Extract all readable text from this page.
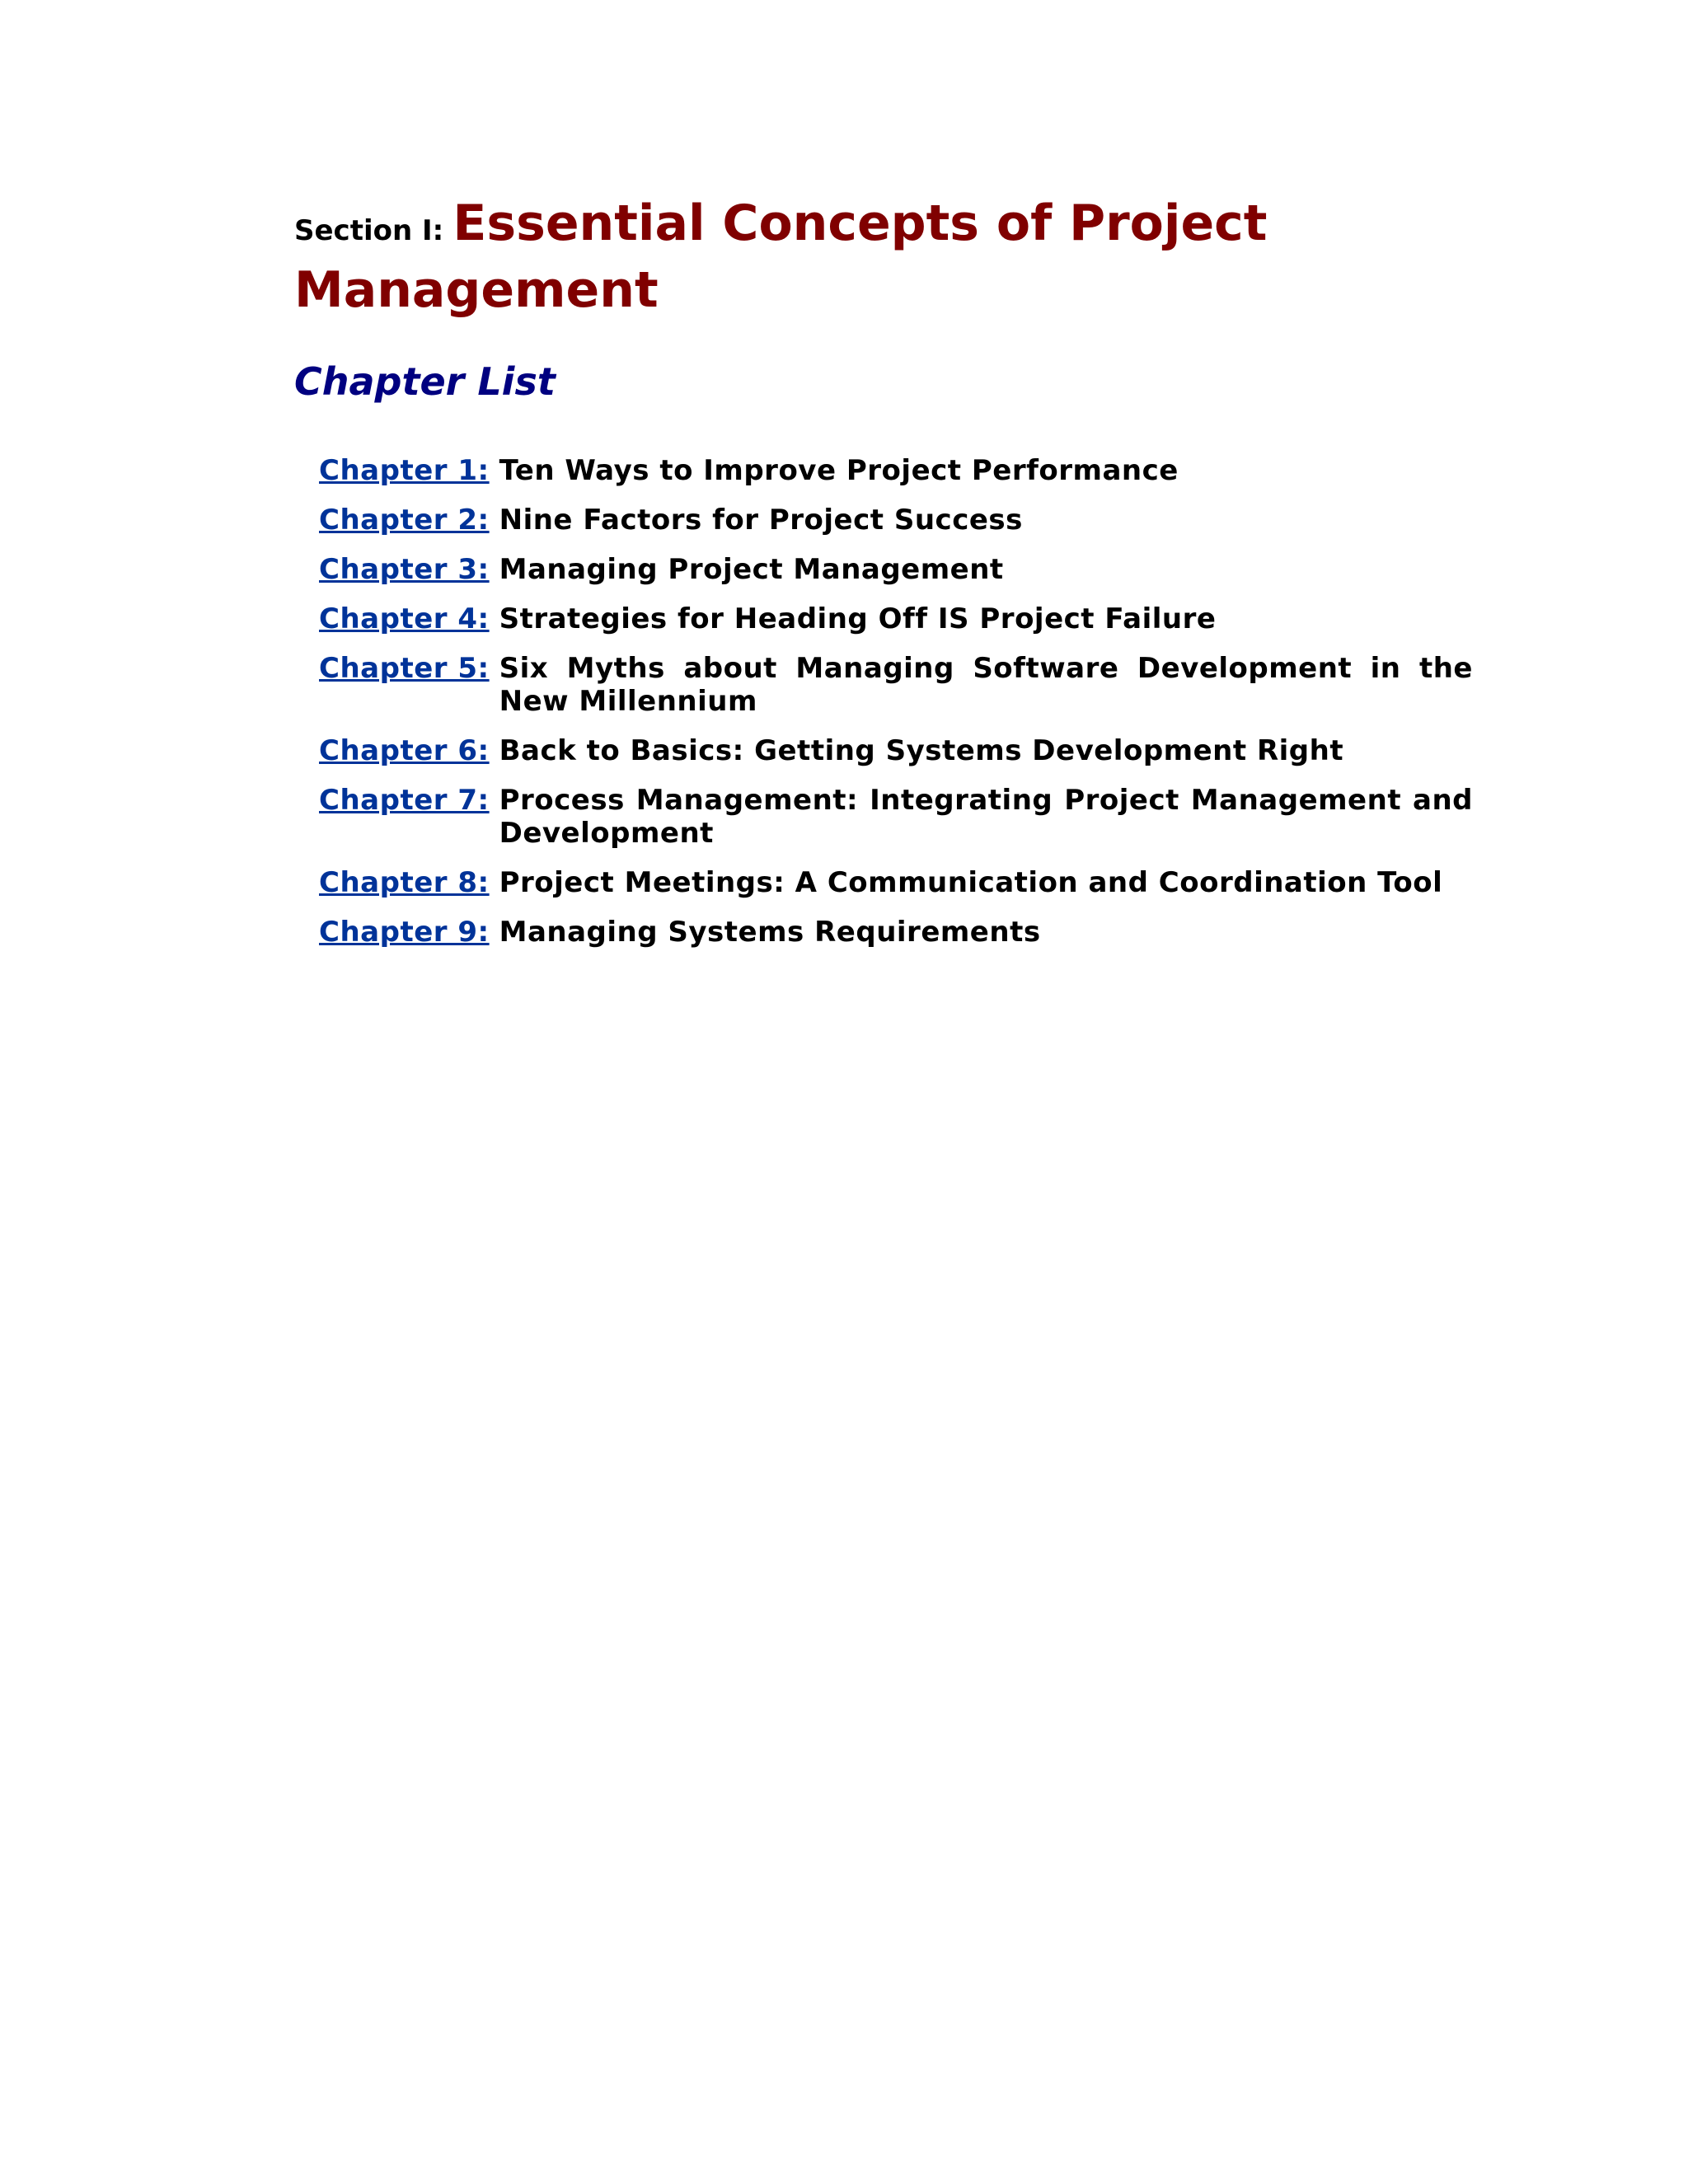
Section I: Essential Concepts of Project Management
Chapter List
Chapter 1: Ten Ways to Improve Project Performance
Chapter 2: Nine Factors for Project Success
Chapter 3: Managing Project Management
Chapter 4: Strategies for Heading Off IS Project Failure
Chapter 5: Six Myths about Managing Software Development in the New Millennium
Chapter 6: Back to Basics: Getting Systems Development Right
Chapter 7: Process Management: Integrating Project Management and Development
Chapter 8: Project Meetings: A Communication and Coordination Tool
Chapter 9: Managing Systems Requirements
